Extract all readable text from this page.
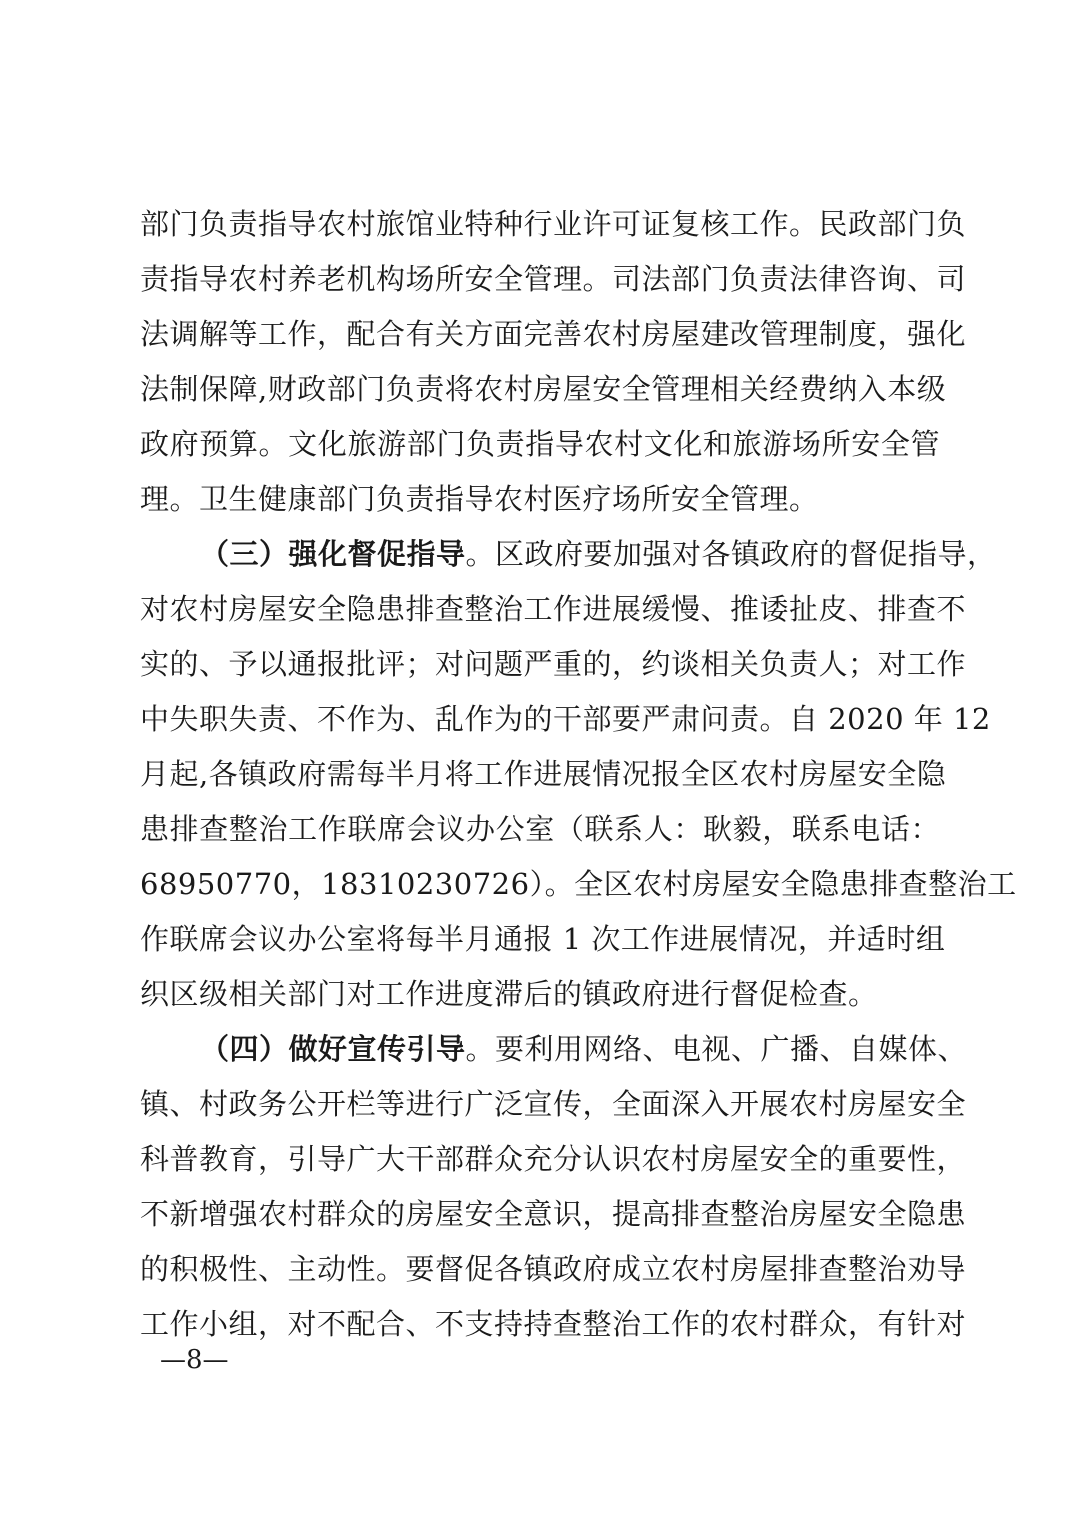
部门负责指导农村旅馆业特种行业许可证复核工作。民政部门负
责指导农村养老机构场所安全管理。司法部门负责法律咨询、司
法调解等工作，配合有关方面完善农村房屋建改管理制度，强化
法制保障,财政部门负责将农村房屋安全管理相关经费纳入本级
政府预算。文化旅游部门负责指导农村文化和旅游场所安全管
理。卫生健康部门负责指导农村医疗场所安全管理。
（三）强化督促指导。区政府要加强对各镇政府的督促指导，
对农村房屋安全隐患排查整治工作进展缓慢、推诿扯皮、排查不
实的、予以通报批评；对问题严重的，约谈相关负责人；对工作
中失职失责、不作为、乱作为的干部要严肃问责。自 2020 年 12
月起,各镇政府需每半月将工作进展情况报全区农村房屋安全隐
患排查整治工作联席会议办公室（联系人：耿毅，联系电话：
68950770，18310230726）。全区农村房屋安全隐患排查整治工
作联席会议办公室将每半月通报 1 次工作进展情况，并适时组
织区级相关部门对工作进度滞后的镇政府进行督促检查。
（四）做好宣传引导。要利用网络、电视、广播、自媒体、
镇、村政务公开栏等进行广泛宣传，全面深入开展农村房屋安全
科普教育，引导广大干部群众充分认识农村房屋安全的重要性，
不新增强农村群众的房屋安全意识，提高排查整治房屋安全隐患
的积极性、主动性。要督促各镇政府成立农村房屋排查整治劝导
工作小组，对不配合、不支持持查整治工作的农村群众，有针对
—8—
